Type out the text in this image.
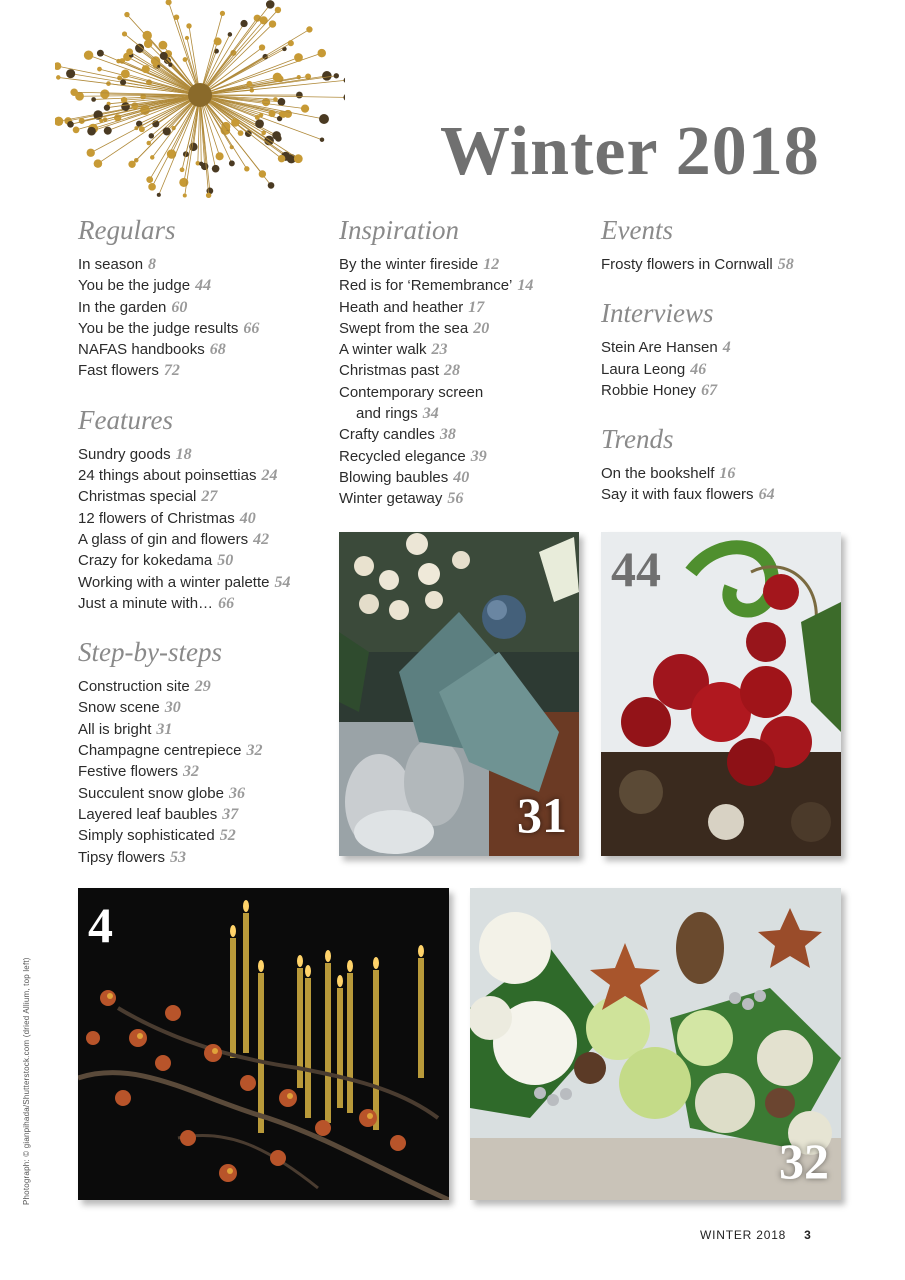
Winter 2018
Regulars
In season 8
You be the judge 44
In the garden 60
You be the judge results 66
NAFAS handbooks 68
Fast flowers 72
Features
Sundry goods 18
24 things about poinsettias 24
Christmas special 27
12 flowers of Christmas 40
A glass of gin and flowers 42
Crazy for kokedama 50
Working with a winter palette 54
Just a minute with… 66
Step-by-steps
Construction site 29
Snow scene 30
All is bright 31
Champagne centrepiece 32
Festive flowers 32
Succulent snow globe 36
Layered leaf baubles 37
Simply sophisticated 52
Tipsy flowers 53
Inspiration
By the winter fireside 12
Red is for ‘Remembrance’ 14
Heath and heather 17
Swept from the sea 20
A winter walk 23
Christmas past 28
Contemporary screen
and rings 34
Crafty candles 38
Recycled elegance 39
Blowing baubles 40
Winter getaway 56
Events
Frosty flowers in Cornwall 58
Interviews
Stein Are Hansen 4
Laura Leong 46
Robbie Honey 67
Trends
On the bookshelf 16
Say it with faux flowers 64
31
44
4
32
Photograph: © gianpihada/Shutterstock.com (dried Allium, top left)
WINTER 2018 3
